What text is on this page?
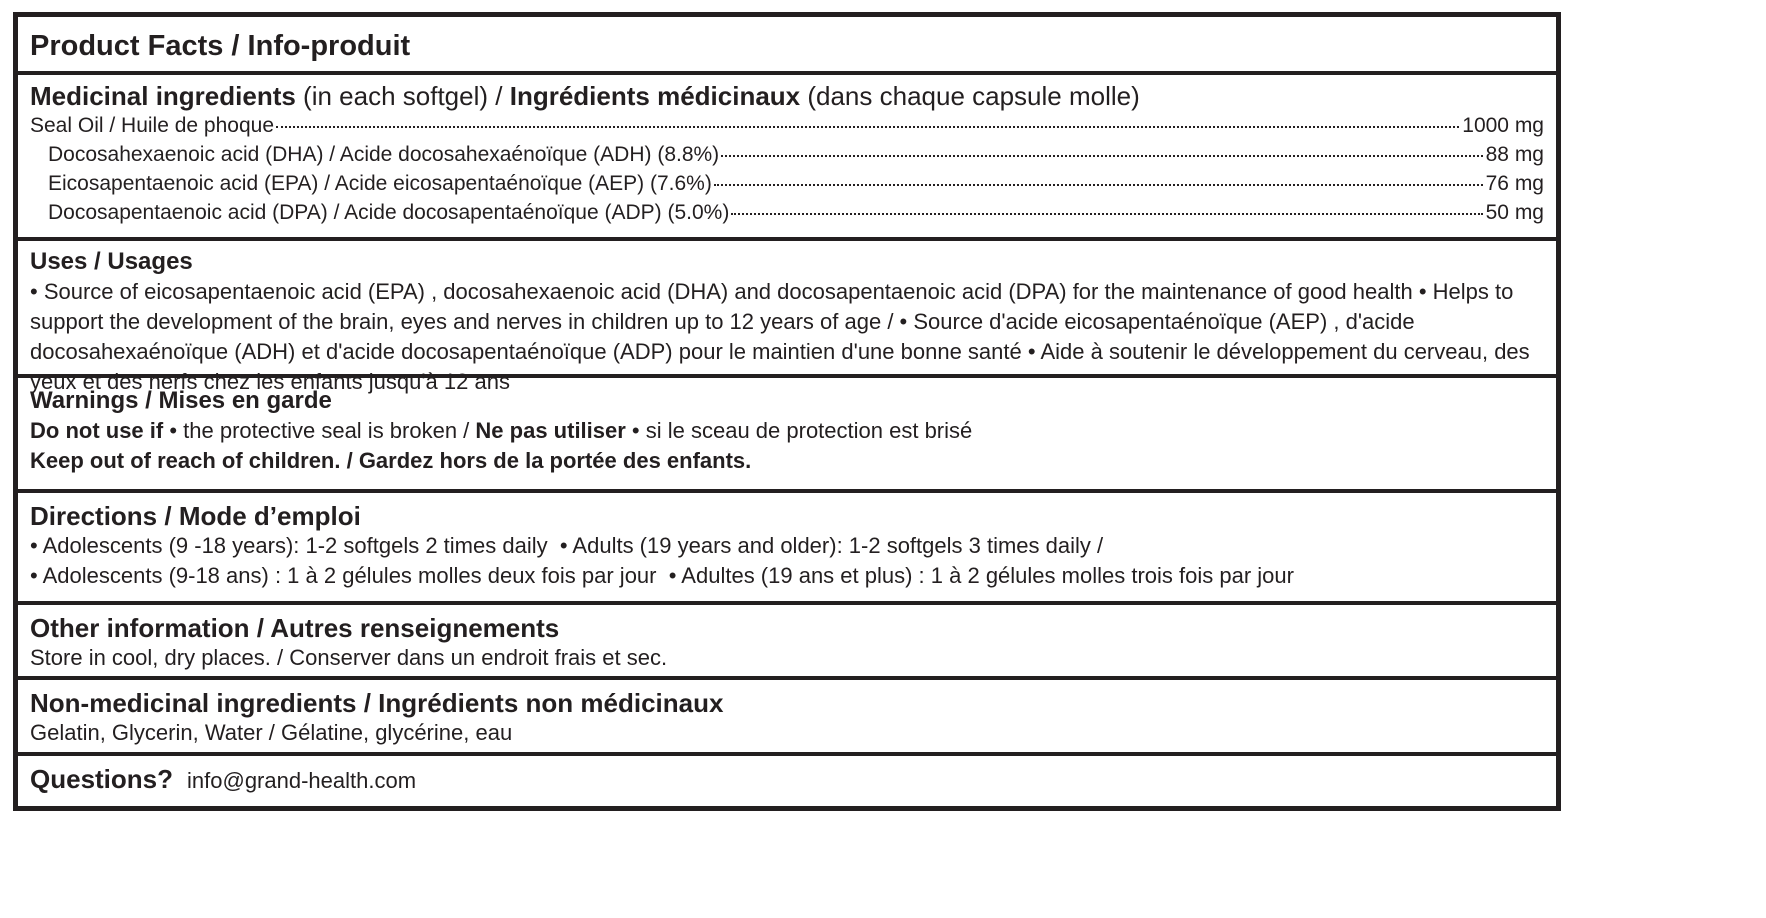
Product Facts / Info-produit
Medicinal ingredients (in each softgel) / Ingrédients médicinaux (dans chaque capsule molle)
Seal Oil / Huile de phoque	1000 mg
Docosahexaenoic acid (DHA) / Acide docosahexaénoïque (ADH) (8.8%)	88 mg
Eicosapentaenoic acid (EPA) / Acide eicosapentaénoïque (AEP) (7.6%)	76 mg
Docosapentaenoic acid (DPA) / Acide docosapentaénoïque (ADP) (5.0%)	50 mg
Uses / Usages
• Source of eicosapentaenoic acid (EPA) , docosahexaenoic acid (DHA) and docosapentaenoic acid (DPA) for the maintenance of good health • Helps to support the development of the brain, eyes and nerves in children up to 12 years of age / • Source d'acide eicosapentaénoïque (AEP) , d'acide docosahexaénoïque (ADH) et d'acide docosapentaénoïque (ADP) pour le maintien d'une bonne santé • Aide à soutenir le développement du cerveau, des yeux et des nerfs chez les enfants jusqu'à 12 ans
Warnings / Mises en garde
Do not use if • the protective seal is broken / Ne pas utiliser • si le sceau de protection est brisé
Keep out of reach of children. / Gardez hors de la portée des enfants.
Directions / Mode d’emploi
• Adolescents (9 -18 years): 1-2 softgels 2 times daily  • Adults (19 years and older): 1-2 softgels 3 times daily /
• Adolescents (9-18 ans) : 1 à 2 gélules molles deux fois par jour  • Adultes (19 ans et plus) : 1 à 2 gélules molles trois fois par jour
Other information / Autres renseignements
Store in cool, dry places. / Conserver dans un endroit frais et sec.
Non-medicinal ingredients / Ingrédients non médicinaux
Gelatin, Glycerin, Water / Gélatine, glycérine, eau
Questions? info@grand-health.com
